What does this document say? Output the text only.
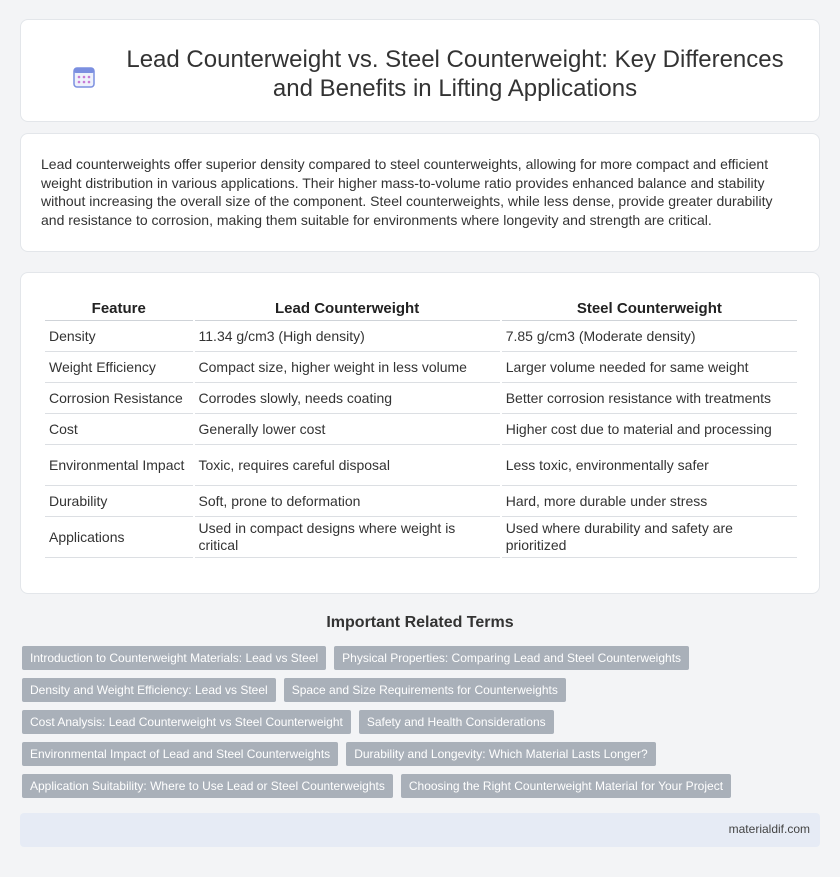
Lead Counterweight vs. Steel Counterweight: Key Differences and Benefits in Lifting Applications

Lead counterweights offer superior density compared to steel counterweights, allowing for more compact and efficient weight distribution in various applications. Their higher mass-to-volume ratio provides enhanced balance and stability without increasing the overall size of the component. Steel counterweights, while less dense, provide greater durability and resistance to corrosion, making them suitable for environments where longevity and strength are critical.

Feature	Lead Counterweight	Steel Counterweight
Density	11.34 g/cm3 (High density)	7.85 g/cm3 (Moderate density)
Weight Efficiency	Compact size, higher weight in less volume	Larger volume needed for same weight
Corrosion Resistance	Corrodes slowly, needs coating	Better corrosion resistance with treatments
Cost	Generally lower cost	Higher cost due to material and processing
Environmental Impact	Toxic, requires careful disposal	Less toxic, environmentally safer
Durability	Soft, prone to deformation	Hard, more durable under stress
Applications	Used in compact designs where weight is critical	Used where durability and safety are prioritized
Important Related Terms
Introduction to Counterweight Materials: Lead vs Steel	Physical Properties: Comparing Lead and Steel Counterweights
Density and Weight Efficiency: Lead vs Steel	Space and Size Requirements for Counterweights
Cost Analysis: Lead Counterweight vs Steel Counterweight	Safety and Health Considerations
Environmental Impact of Lead and Steel Counterweights	Durability and Longevity: Which Material Lasts Longer?
Application Suitability: Where to Use Lead or Steel Counterweights	Choosing the Right Counterweight Material for Your Project
materialdif.com
